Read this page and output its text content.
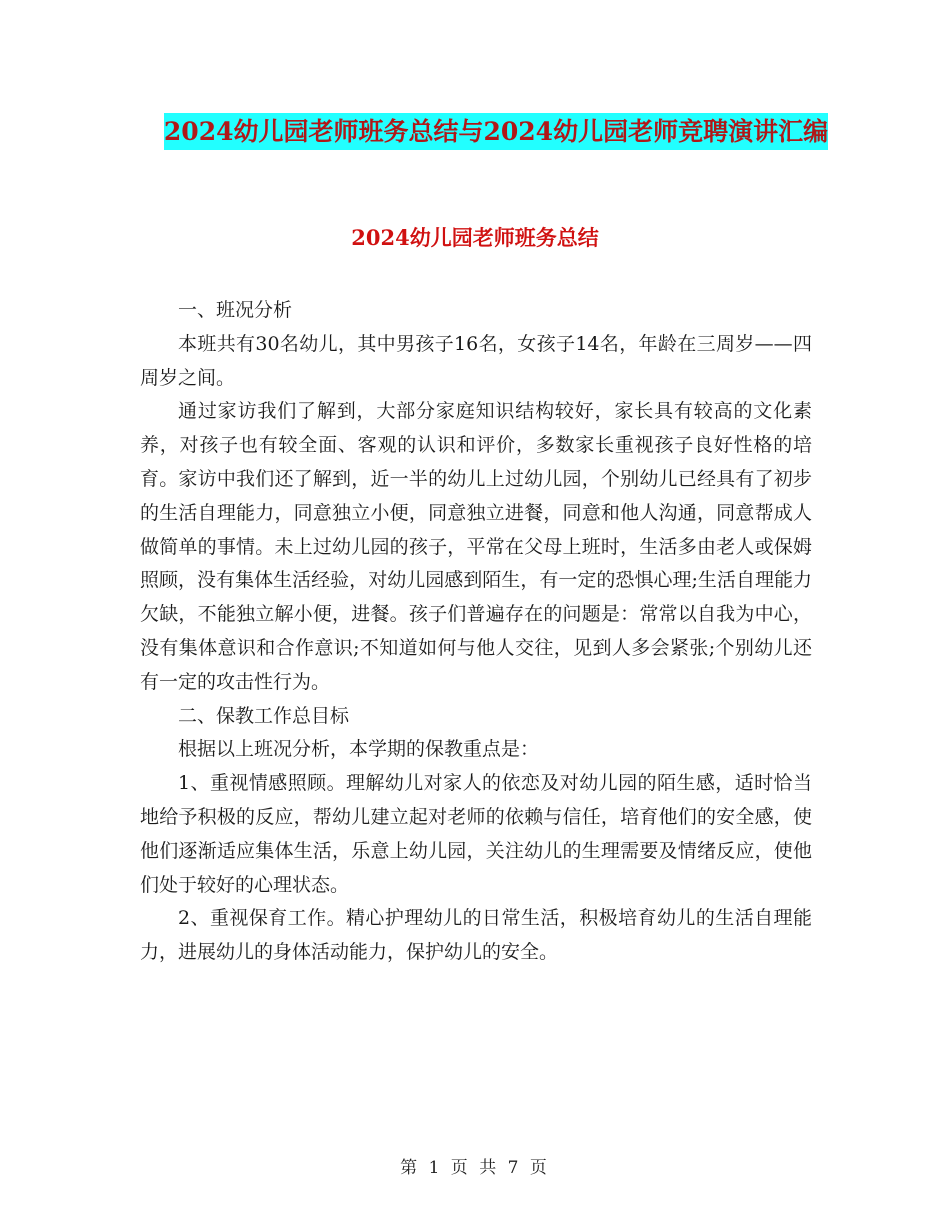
2024幼儿园老师班务总结与2024幼儿园老师竞聘演讲汇编
2024幼儿园老师班务总结

一、班况分析

本班共有30名幼儿，其中男孩子16名，女孩子14名，年龄在三周岁——四周岁之间。

通过家访我们了解到，大部分家庭知识结构较好，家长具有较高的文化素养，对孩子也有较全面、客观的认识和评价，多数家长重视孩子良好性格的培育。家访中我们还了解到，近一半的幼儿上过幼儿园，个别幼儿已经具有了初步的生活自理能力，同意独立小便，同意独立进餐，同意和他人沟通，同意帮成人做简单的事情。未上过幼儿园的孩子，平常在父母上班时，生活多由老人或保姆照顾，没有集体生活经验，对幼儿园感到陌生，有一定的恐惧心理;生活自理能力欠缺，不能独立解小便，进餐。孩子们普遍存在的问题是：常常以自我为中心，没有集体意识和合作意识;不知道如何与他人交往，见到人多会紧张;个别幼儿还有一定的攻击性行为。

二、保教工作总目标

根据以上班况分析，本学期的保教重点是：

1、重视情感照顾。理解幼儿对家人的依恋及对幼儿园的陌生感，适时恰当地给予积极的反应，帮幼儿建立起对老师的依赖与信任，培育他们的安全感，使他们逐渐适应集体生活，乐意上幼儿园，关注幼儿的生理需要及情绪反应，使他们处于较好的心理状态。

2、重视保育工作。精心护理幼儿的日常生活，积极培育幼儿的生活自理能力，进展幼儿的身体活动能力，保护幼儿的安全。

第 1 页 共 7 页
